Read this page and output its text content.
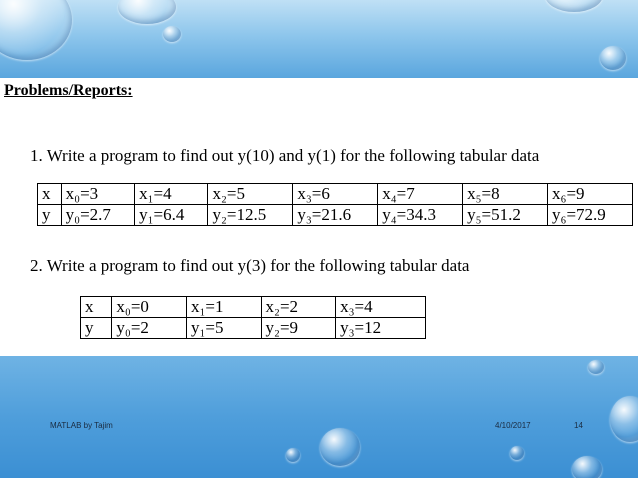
Problems/Reports:
1. Write a program to find out y(10) and y(1) for the following tabular data
x	x₀=3	x₁=4	x₂=5	x₃=6	x₄=7	x₅=8	x₆=9
y	y₀=2.7	y₁=6.4	y₂=12.5	y₃=21.6	y₄=34.3	y₅=51.2	y₆=72.9
2. Write a program to find out y(3) for the following tabular data
x	x₀=0	x₁=1	x₂=2	x₃=4
y	y₀=2	y₁=5	y₂=9	y₃=12
MATLAB by Tajim	4/10/2017	14
